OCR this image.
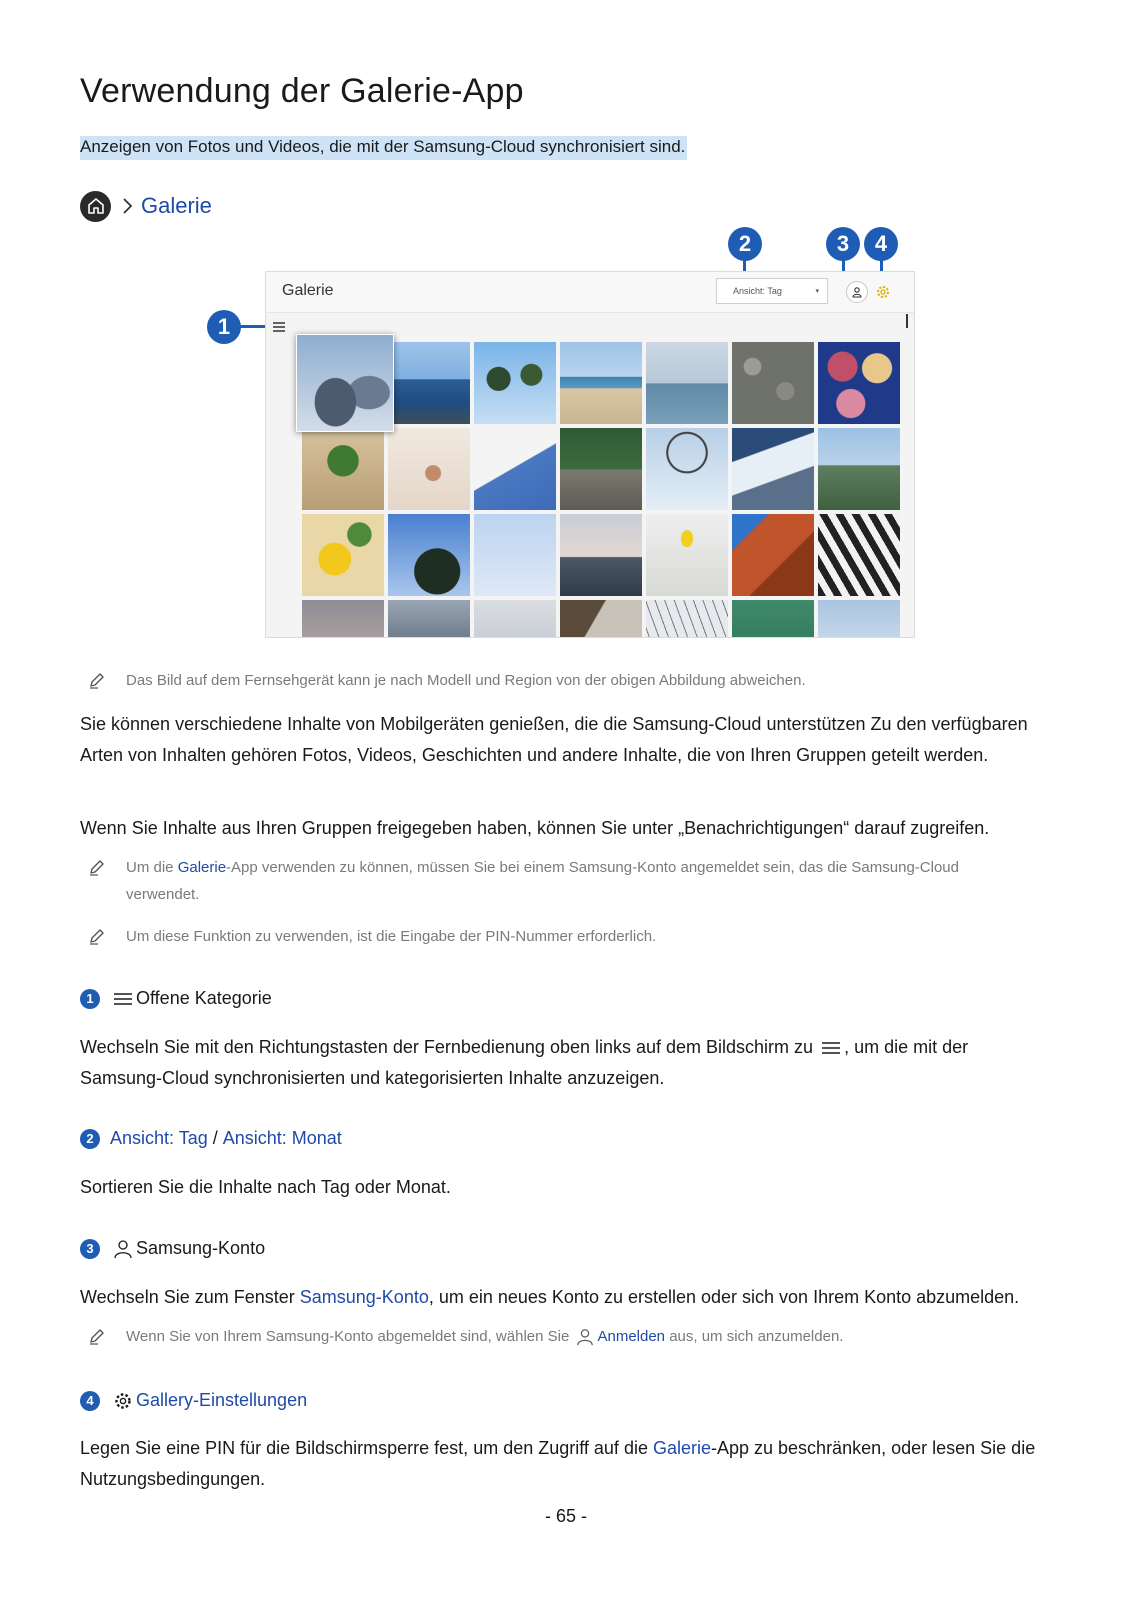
Verwendung der Galerie-App
Anzeigen von Fotos und Videos, die mit der Samsung-Cloud synchronisiert sind.
Galerie
2	3 4
1
Galerie	Ansicht: Tag	▾
Das Bild auf dem Fernsehgerät kann je nach Modell und Region von der obigen Abbildung abweichen.

Sie können verschiedene Inhalte von Mobilgeräten genießen, die die Samsung-Cloud unterstützen Zu den verfügbaren Arten von Inhalten gehören Fotos, Videos, Geschichten und andere Inhalte, die von Ihren Gruppen geteilt werden.

Wenn Sie Inhalte aus Ihren Gruppen freigegeben haben, können Sie unter „Benachrichtigungen“ darauf zugreifen.

Um die Galerie-App verwenden zu können, müssen Sie bei einem Samsung-Konto angemeldet sein, das die Samsung-Cloud verwendet.
Um diese Funktion zu verwenden, ist die Eingabe der PIN-Nummer erforderlich.
1	Offene Kategorie

Wechseln Sie mit den Richtungstasten der Fernbedienung oben links auf dem Bildschirm zu
, um die mit der Samsung-Cloud synchronisierten und kategorisierten Inhalte anzuzeigen.

2 Ansicht: Tag / Ansicht: Monat

Sortieren Sie die Inhalte nach Tag oder Monat.

3	Samsung-Konto

Wechseln Sie zum Fenster Samsung-Konto, um ein neues Konto zu erstellen oder sich von Ihrem Konto abzumelden.

Wenn Sie von Ihrem Samsung-Konto abgemeldet sind, wählen Sie
Anmelden aus, um sich anzumelden.
4	Gallery-Einstellungen

Legen Sie eine PIN für die Bildschirmsperre fest, um den Zugriff auf die Galerie-App zu beschränken, oder lesen Sie die Nutzungsbedingungen.

- 65 -
